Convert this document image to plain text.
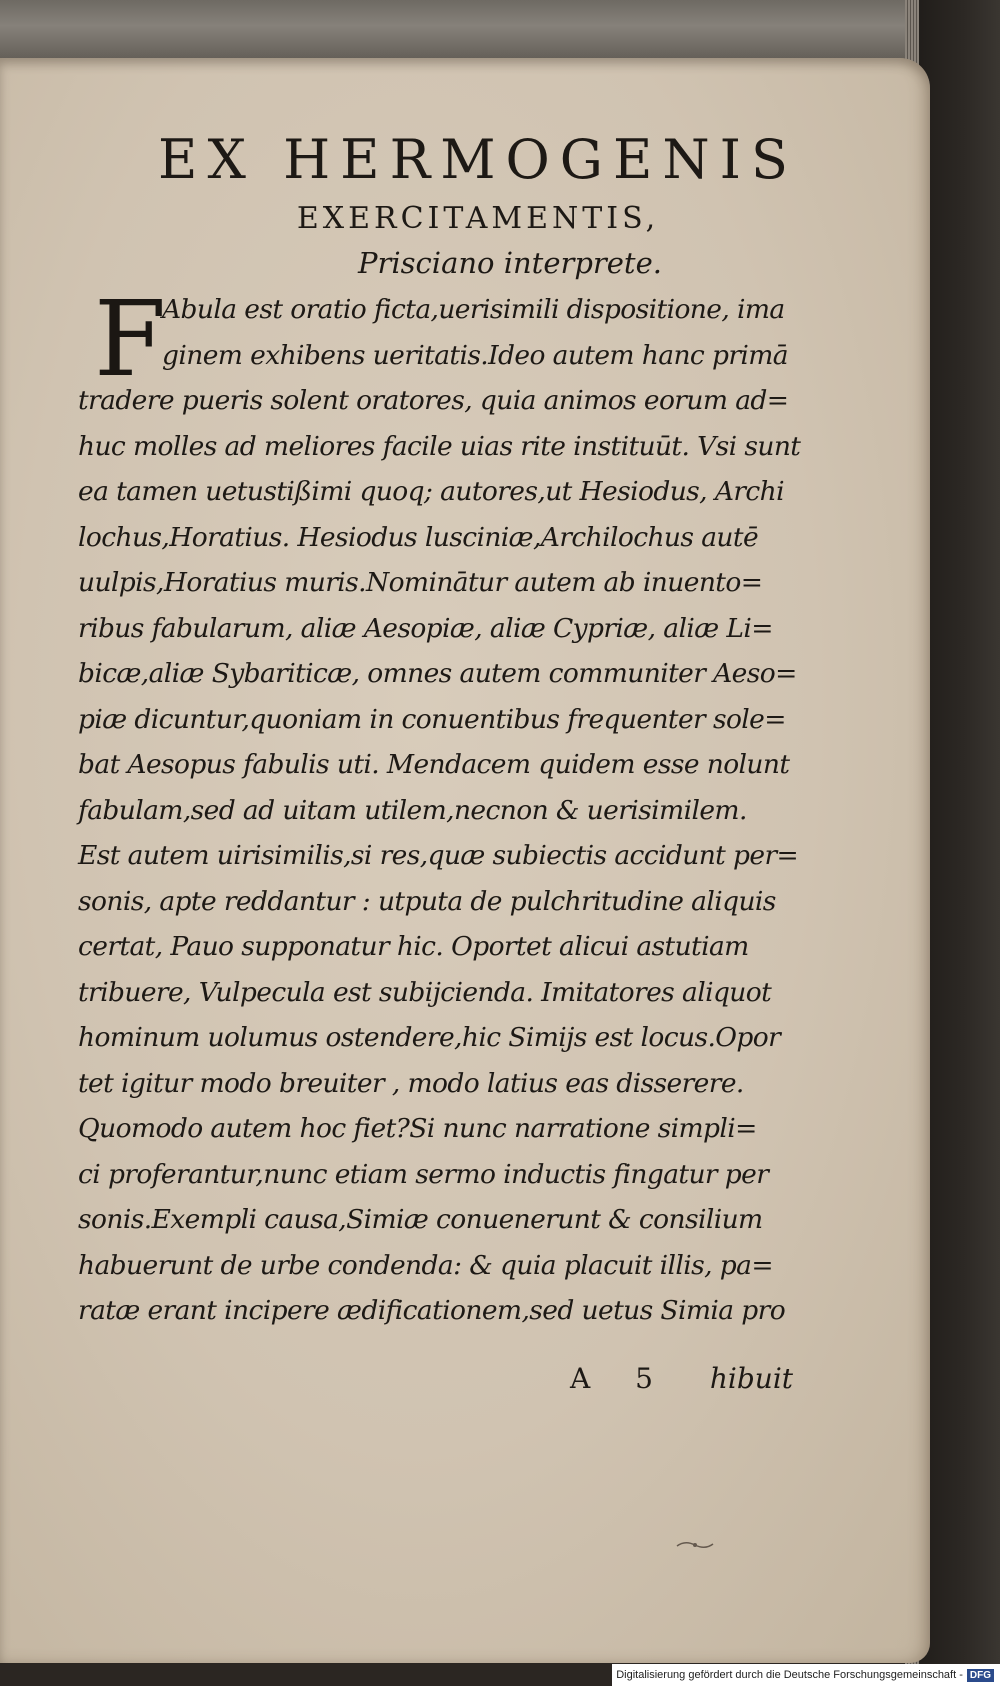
EX HERMOGENIS
EXERCITAMENTIS,
Prisciano interprete.
F
Abula est oratio ficta,uerisimili dispositione, ima
ginem exhibens ueritatis.Ideo autem hanc primā
tradere pueris solent oratores, quia animos eorum ad=
huc molles ad meliores facile uias rite instituūt. Vsi sunt
ea tamen uetustißimi quoq; autores,ut Hesiodus, Archi
lochus,Horatius. Hesiodus lusciniæ,Archilochus autē
uulpis,Horatius muris.Nominātur autem ab inuento=
ribus fabularum, aliæ Aesopiæ, aliæ Cypriæ, aliæ Li=
bicæ,aliæ Sybariticæ, omnes autem communiter Aeso=
piæ dicuntur,quoniam in conuentibus frequenter sole=
bat Aesopus fabulis uti. Mendacem quidem esse nolunt
fabulam,sed ad uitam utilem,necnon & uerisimilem.
Est autem uirisimilis,si res,quæ subiectis accidunt per=
sonis, apte reddantur : utputa de pulchritudine aliquis
certat, Pauo supponatur hic. Oportet alicui astutiam
tribuere, Vulpecula est subijcienda. Imitatores aliquot
hominum uolumus ostendere,hic Simijs est locus.Opor
tet igitur modo breuiter , modo latius eas disserere.
Quomodo autem hoc fiet?Si nunc narratione simpli=
ci proferantur,nunc etiam sermo inductis fingatur per
sonis.Exempli causa,Simiæ conuenerunt & consilium
habuerunt de urbe condenda: & quia placuit illis, pa=
ratæ erant incipere ædificationem,sed uetus Simia pro
A 5 hibuit
Digitalisierung gefördert durch die Deutsche Forschungsgemeinschaft - DFG
